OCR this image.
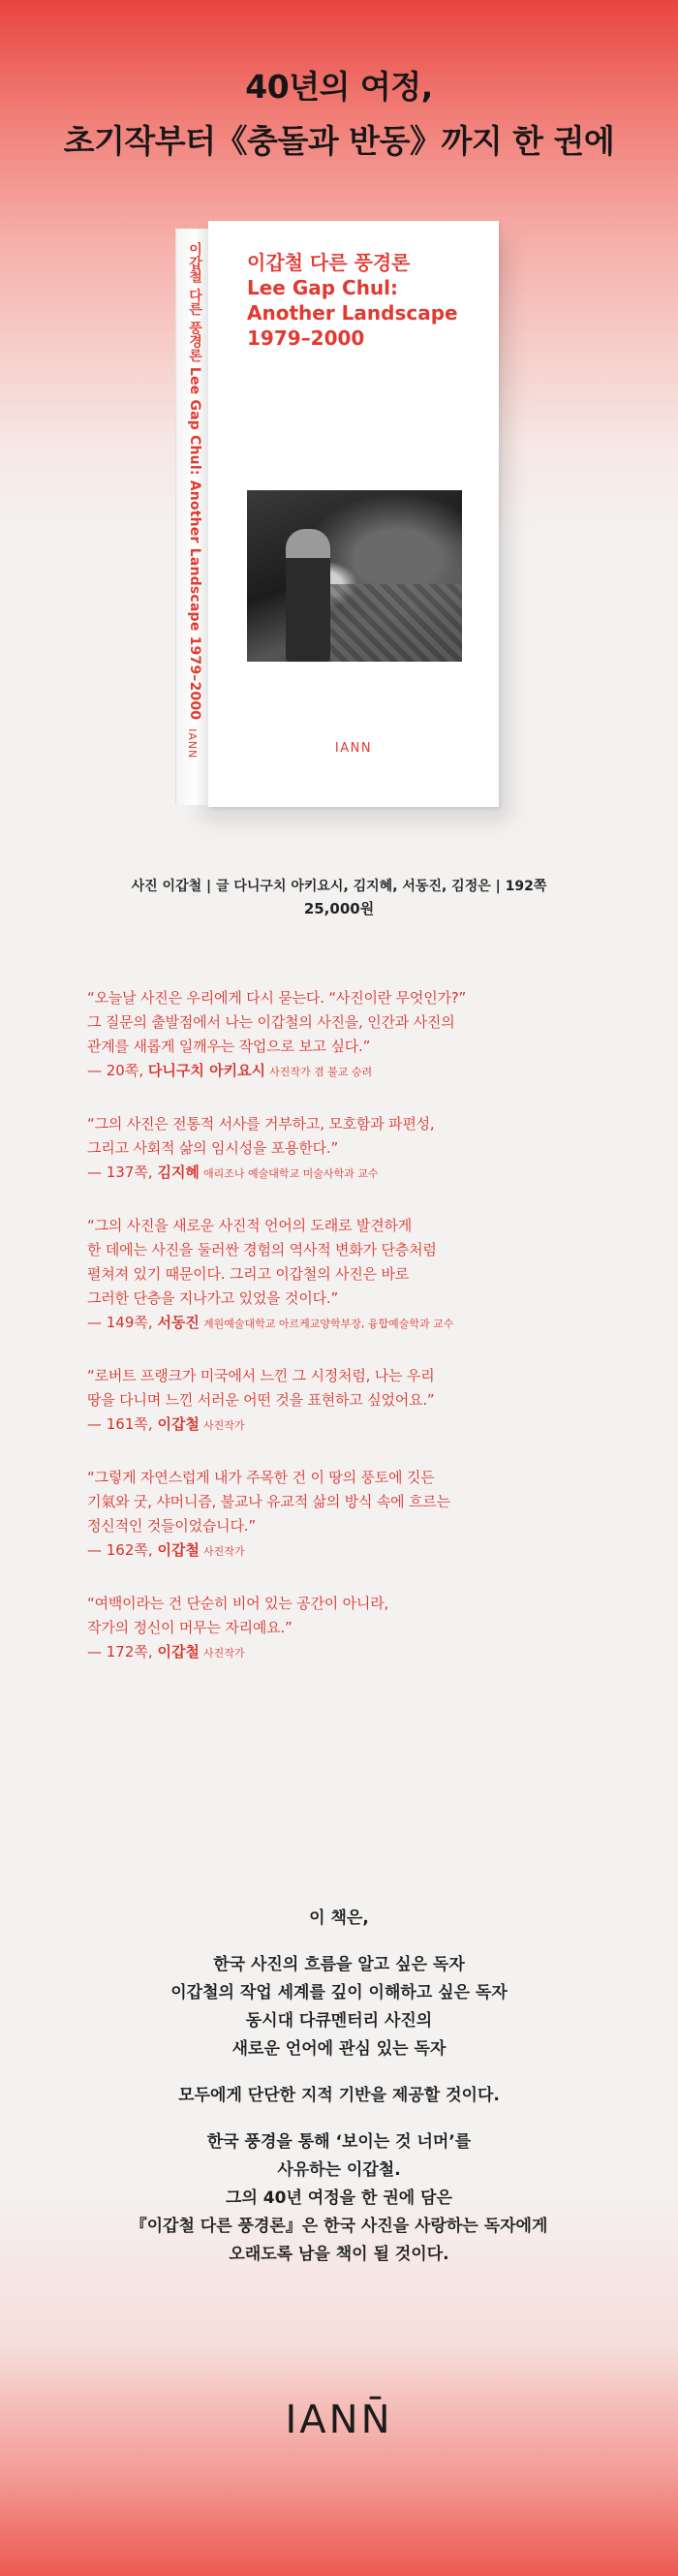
40년의 여정,
초기작부터《충돌과 반동》까지 한 권에
이갑철 다른 풍경론 Lee Gap Chul: Another Landscape 1979–2000
IANN
이갑철 다른 풍경론
Lee Gap Chul:
Another Landscape
1979–2000
IANN
사진 이갑철 | 글 다니구치 아키요시, 김지혜, 서동진, 김정은 | 192쪽
25,000원
“오늘날 사진은 우리에게 다시 묻는다. “사진이란 무엇인가?”
그 질문의 출발점에서 나는 이갑철의 사진을, 인간과 사진의
관계를 새롭게 일깨우는 작업으로 보고 싶다.”
— 20쪽, 다니구치 아키요시 사진작가 겸 불교 승려
“그의 사진은 전통적 서사를 거부하고, 모호함과 파편성,
그리고 사회적 삶의 임시성을 포용한다.”
— 137쪽, 김지혜 애리조나 예술대학교 미술사학과 교수
“그의 사진을 새로운 사진적 언어의 도래로 발견하게
한 데에는 사진을 둘러싼 경험의 역사적 변화가 단층처럼
펼쳐져 있기 때문이다. 그리고 이갑철의 사진은 바로
그러한 단층을 지나가고 있었을 것이다.”
— 149쪽, 서동진 계원예술대학교 아르케교양학부장, 융합예술학과 교수
“로버트 프랭크가 미국에서 느낀 그 시정처럼, 나는 우리
땅을 다니며 느낀 서러운 어떤 것을 표현하고 싶었어요.”
— 161쪽, 이갑철 사진작가
“그렇게 자연스럽게 내가 주목한 건 이 땅의 풍토에 깃든
기氣와 굿, 샤머니즘, 불교나 유교적 삶의 방식 속에 흐르는
정신적인 것들이었습니다.”
— 162쪽, 이갑철 사진작가
“여백이라는 건 단순히 비어 있는 공간이 아니라,
작가의 정신이 머무는 자리예요.”
— 172쪽, 이갑철 사진작가

이 책은,

한국 사진의 흐름을 알고 싶은 독자
이갑철의 작업 세계를 깊이 이해하고 싶은 독자
동시대 다큐멘터리 사진의
새로운 언어에 관심 있는 독자

모두에게 단단한 지적 기반을 제공할 것이다.

한국 풍경을 통해 ‘보이는 것 너머’를
사유하는 이갑철.
그의 40년 여정을 한 권에 담은
『이갑철 다른 풍경론』은 한국 사진을 사랑하는 독자에게
오래도록 남을 책이 될 것이다.

IANN̄
